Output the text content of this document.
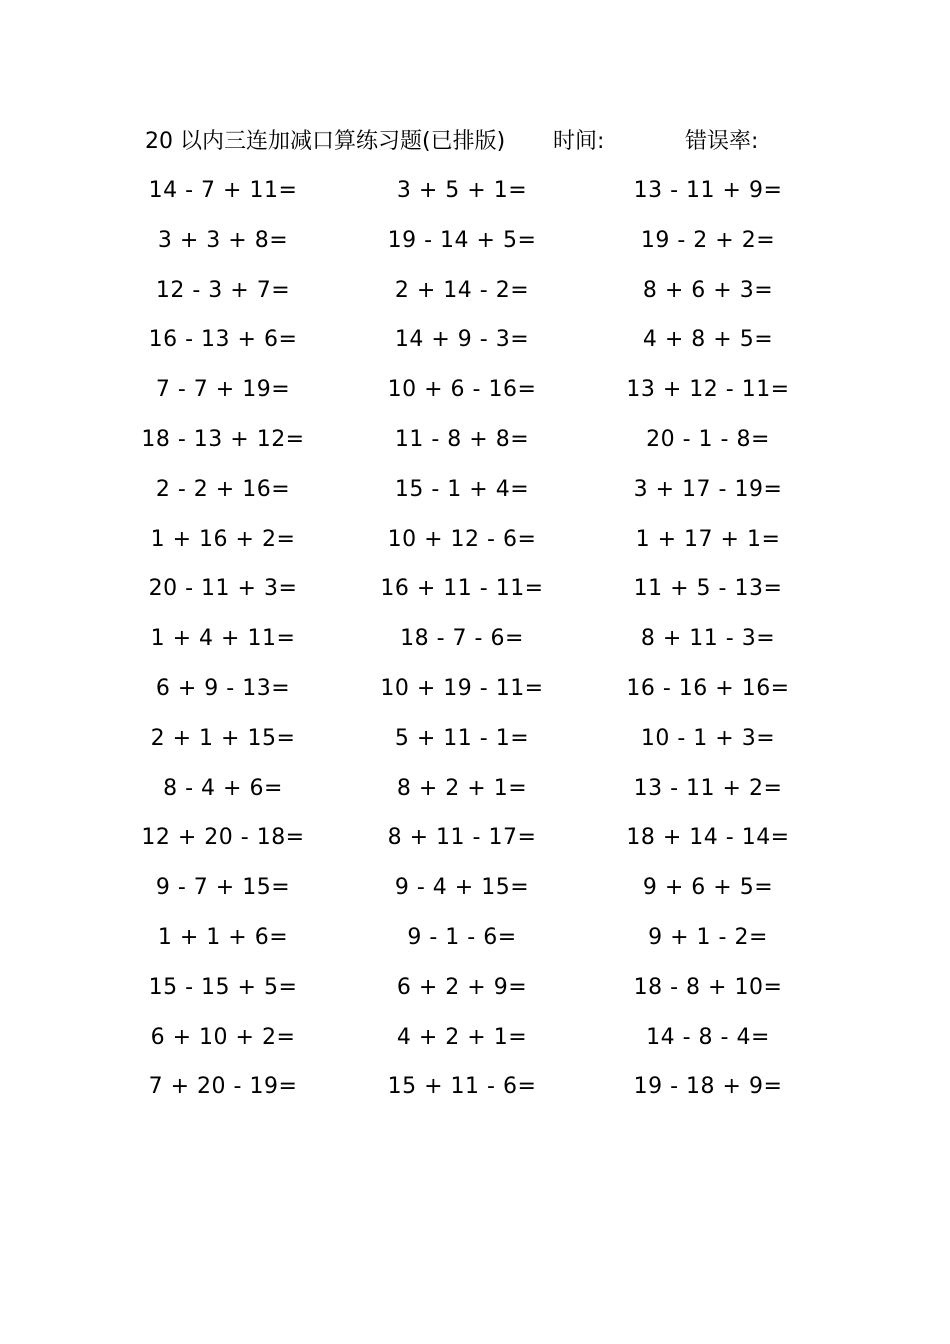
20 以内三连加减口算练习题(已排版) 时间:	错误率:
14 - 7 + 11=	3 + 5 + 1=	13 - 11 + 9=
3 + 3 + 8=	19 - 14 + 5=	19 - 2 + 2=
12 - 3 + 7=	2 + 14 - 2=	8 + 6 + 3=
16 - 13 + 6=	14 + 9 - 3=	4 + 8 + 5=
7 - 7 + 19=	10 + 6 - 16=	13 + 12 - 11=
18 - 13 + 12=	11 - 8 + 8=	20 - 1 - 8=
2 - 2 + 16=	15 - 1 + 4=	3 + 17 - 19=
1 + 16 + 2=	10 + 12 - 6=	1 + 17 + 1=
20 - 11 + 3=	16 + 11 - 11=	11 + 5 - 13=
1 + 4 + 11=	18 - 7 - 6=	8 + 11 - 3=
6 + 9 - 13=	10 + 19 - 11=	16 - 16 + 16=
2 + 1 + 15=	5 + 11 - 1=	10 - 1 + 3=
8 - 4 + 6=	8 + 2 + 1=	13 - 11 + 2=
12 + 20 - 18=	8 + 11 - 17=	18 + 14 - 14=
9 - 7 + 15=	9 - 4 + 15=	9 + 6 + 5=
1 + 1 + 6=	9 - 1 - 6=	9 + 1 - 2=
15 - 15 + 5=	6 + 2 + 9=	18 - 8 + 10=
6 + 10 + 2=	4 + 2 + 1=	14 - 8 - 4=
7 + 20 - 19=	15 + 11 - 6=	19 - 18 + 9=
